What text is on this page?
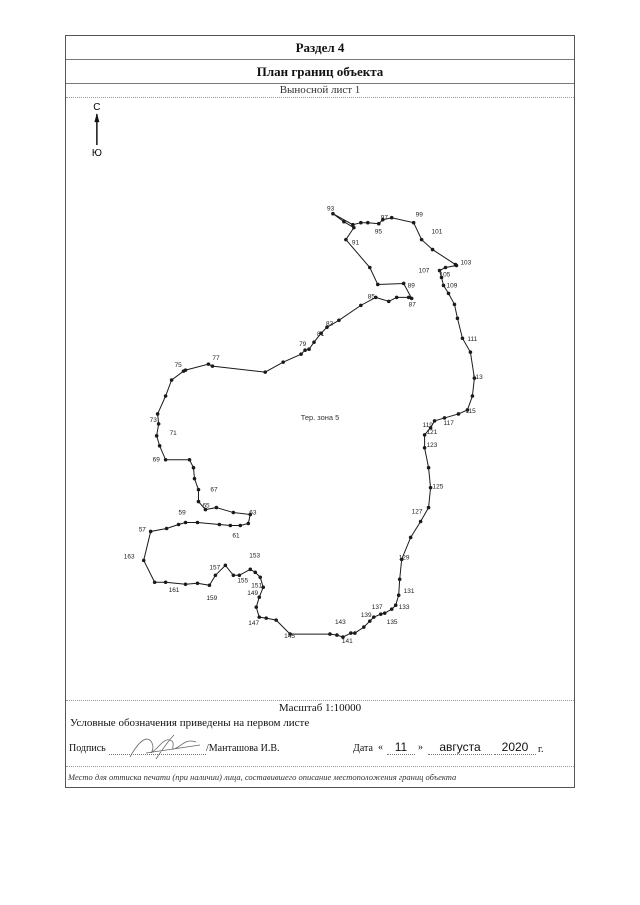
Раздел 4
План границ объекта
Выносной лист 1
С
Ю
93
97
95
91
99
101
103
107
105
109
89
87
85
83
81
79
77
75
73
71
69
67
65
63
61
59
57
163
161
159
157
155
153
151
149
147
145
143
141
139
137
135
133
131
129
127
125
123
121
119 117
115
113
111
Тер. зона 5
Масштаб 1:10000
Условные обозначения приведены на первом листе
Подпись	/Манташова И.В.	Дата « 11	»	августа	2020 г.
Место для оттиска печати (при наличии) лица, составившего описание местоположения границ объекта
